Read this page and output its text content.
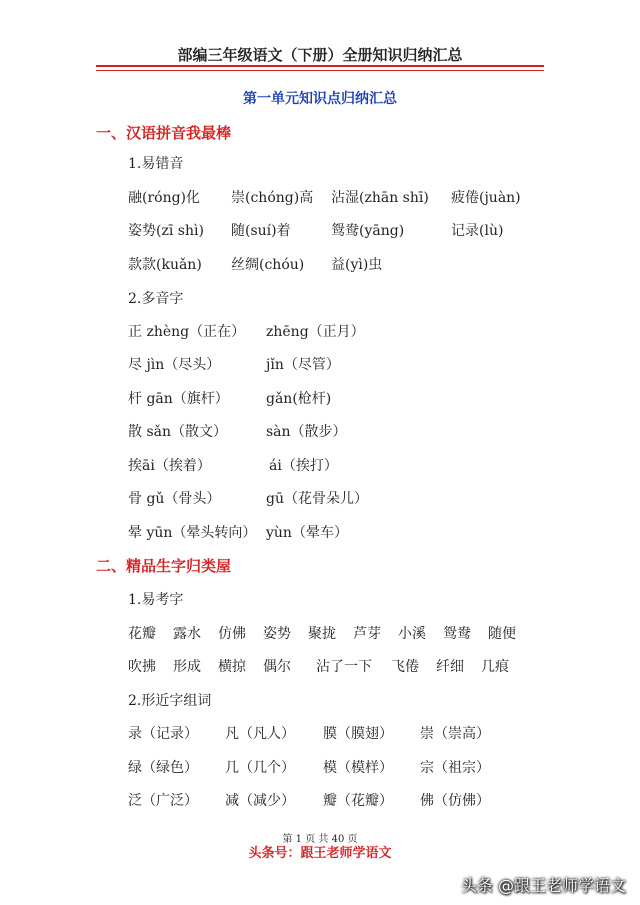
部编三年级语文（下册）全册知识归纳汇总
第一单元知识点归纳汇总
一、汉语拼音我最棒
1.易错音
融(róng)化 崇(chóng)高 沾湿(zhān shī) 疲倦(juàn)
姿势(zī shì) 随(suí)着	鸳鸯(yāng)	记录(lù)
款款(kuǎn) 丝绸(chóu) 益(yì)虫
2.多音字
正 zhèng（正在） zhēng（正月）
尽 jìn（尽头）	jǐn（尽管）
杆 gān（旗杆）	gǎn(枪杆)
散 sǎn（散文）	sàn（散步）
挨āi（挨着）	ái（挨打）
骨 gǔ（骨头）	gū（花骨朵儿）
晕 yūn（晕头转向） yùn（晕车）
二、精品生字归类屋
1.易考字
花瓣 露水 仿佛 姿势 聚拢 芦芽 小溪 鸳鸯 随便
吹拂 形成 横掠 偶尔 沾了一下 飞倦 纤细 几痕
2.形近字组词
录（记录） 凡（凡人） 膜（膜翅） 崇（崇高）
绿（绿色） 几（几个） 模（模样） 宗（祖宗）
泛（广泛） 减（减少） 瓣（花瓣） 佛（仿佛）
第 1 页 共 40 页
头条号：跟王老师学语文
头条 @跟王老师学语文
